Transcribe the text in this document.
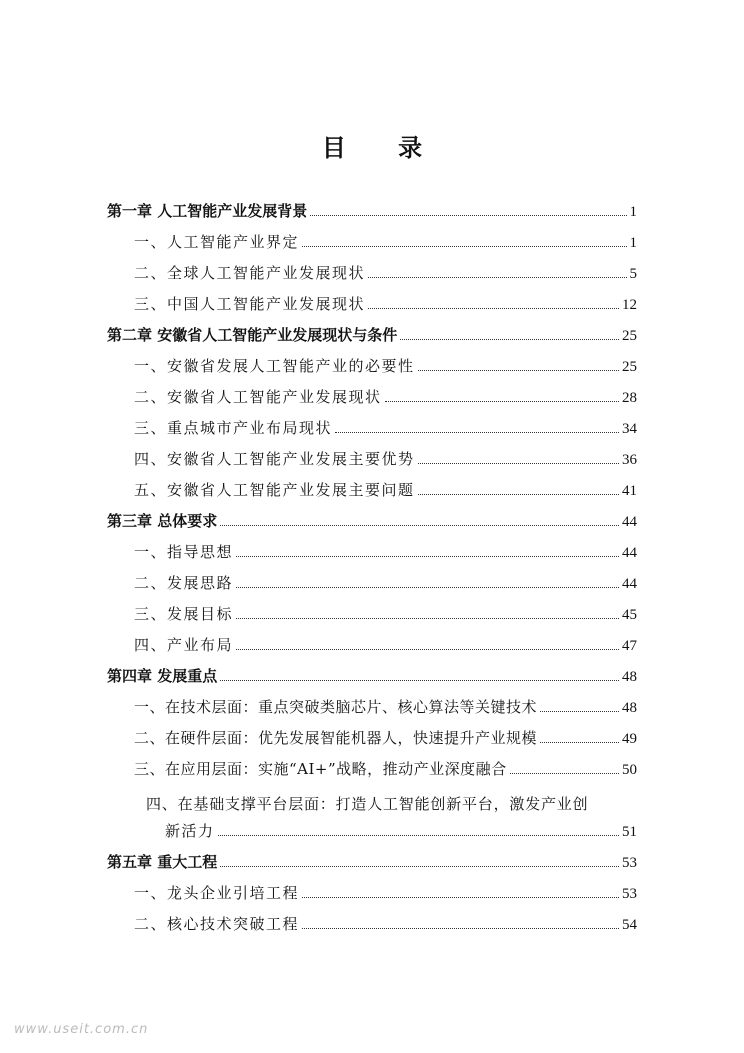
目 录
第一章 人工智能产业发展背景	1
一、人工智能产业界定	1
二、全球人工智能产业发展现状	5
三、中国人工智能产业发展现状	12
第二章 安徽省人工智能产业发展现状与条件	25
一、安徽省发展人工智能产业的必要性	25
二、安徽省人工智能产业发展现状	28
三、重点城市产业布局现状	34
四、安徽省人工智能产业发展主要优势	36
五、安徽省人工智能产业发展主要问题	41
第三章 总体要求	44
一、指导思想	44
二、发展思路	44
三、发展目标	45
四、产业布局	47
第四章 发展重点	48
一、在技术层面：重点突破类脑芯片、核心算法等关键技术	48
二、在硬件层面：优先发展智能机器人，快速提升产业规模	49
三、在应用层面：实施“AI+”战略，推动产业深度融合	50
四、在基础支撑平台层面：打造人工智能创新平台，激发产业创
新活力	51
第五章 重大工程	53
一、龙头企业引培工程	53
二、核心技术突破工程	54
www.useit.com.cn
